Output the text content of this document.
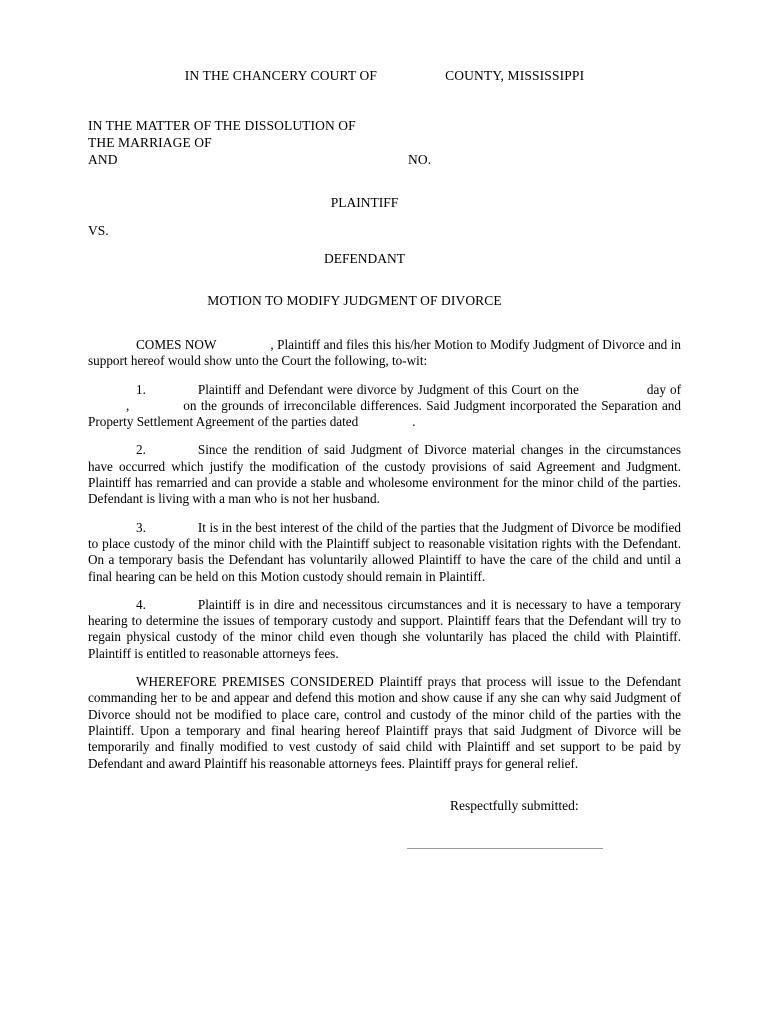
IN THE CHANCERY COURT OF	COUNTY, MISSISSIPPI
IN THE MATTER OF THE DISSOLUTION OF
THE MARRIAGE OF
AND	NO.
PLAINTIFF
VS.
DEFENDANT
MOTION TO MODIFY JUDGMENT OF DIVORCE

COMES NOW	, Plaintiff and files this his/her Motion to Modify Judgment of Divorce and in support hereof would show unto the Court the following, to-wit:

1.	Plaintiff and Defendant were divorce by Judgment of this Court on the	day of,	on the grounds of irreconcilable differences. Said Judgment incorporated the Separation and Property Settlement Agreement of the parties dated	.

2.	Since the rendition of said Judgment of Divorce material changes in the circumstances have occurred which justify the modification of the custody provisions of said Agreement and Judgment. Plaintiff has remarried and can provide a stable and wholesome environment for the minor child of the parties. Defendant is living with a man who is not her husband.

3.	It is in the best interest of the child of the parties that the Judgment of Divorce be modified to place custody of the minor child with the Plaintiff subject to reasonable visitation rights with the Defendant. On a temporary basis the Defendant has voluntarily allowed Plaintiff to have the care of the child and until a final hearing can be held on this Motion custody should remain in Plaintiff.

4.	Plaintiff is in dire and necessitous circumstances and it is necessary to have a temporary hearing to determine the issues of temporary custody and support. Plaintiff fears that the Defendant will try to regain physical custody of the minor child even though she voluntarily has placed the child with Plaintiff. Plaintiff is entitled to reasonable attorneys fees.

WHEREFORE PREMISES CONSIDERED Plaintiff prays that process will issue to the Defendant commanding her to be and appear and defend this motion and show cause if any she can why said Judgment of Divorce should not be modified to place care, control and custody of the minor child of the parties with the Plaintiff. Upon a temporary and final hearing hereof Plaintiff prays that said Judgment of Divorce will be temporarily and finally modified to vest custody of said child with Plaintiff and set support to be paid by Defendant and award Plaintiff his reasonable attorneys fees. Plaintiff prays for general relief.

Respectfully submitted:
